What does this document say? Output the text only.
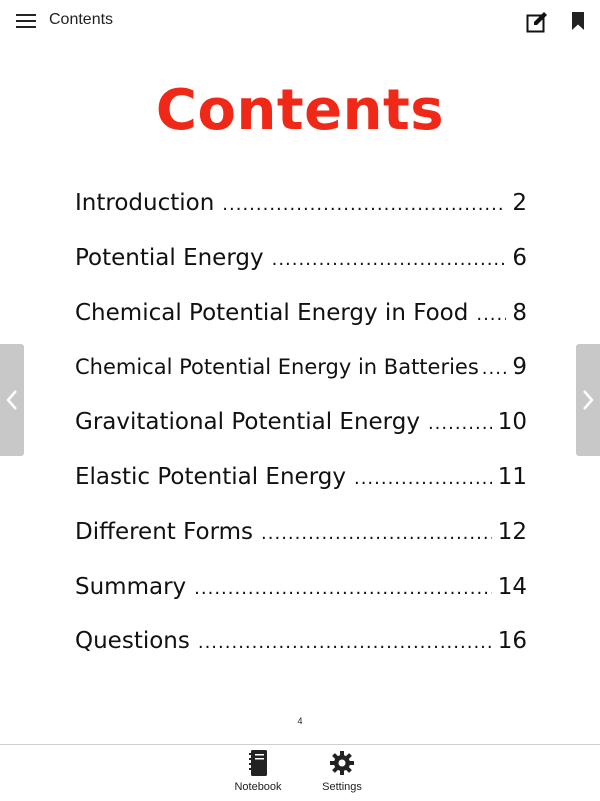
Contents
Contents
Introduction .....	2
Potential Energy .....	6
Chemical Potential Energy in Food ..... 8
Chemical Potential Energy in Batteries ..... 9
Gravitational Potential Energy .....	10
Elastic Potential Energy .....	11
Different Forms .....	12
Summary .....	14
Questions .....	16
4
Notebook	Settings
